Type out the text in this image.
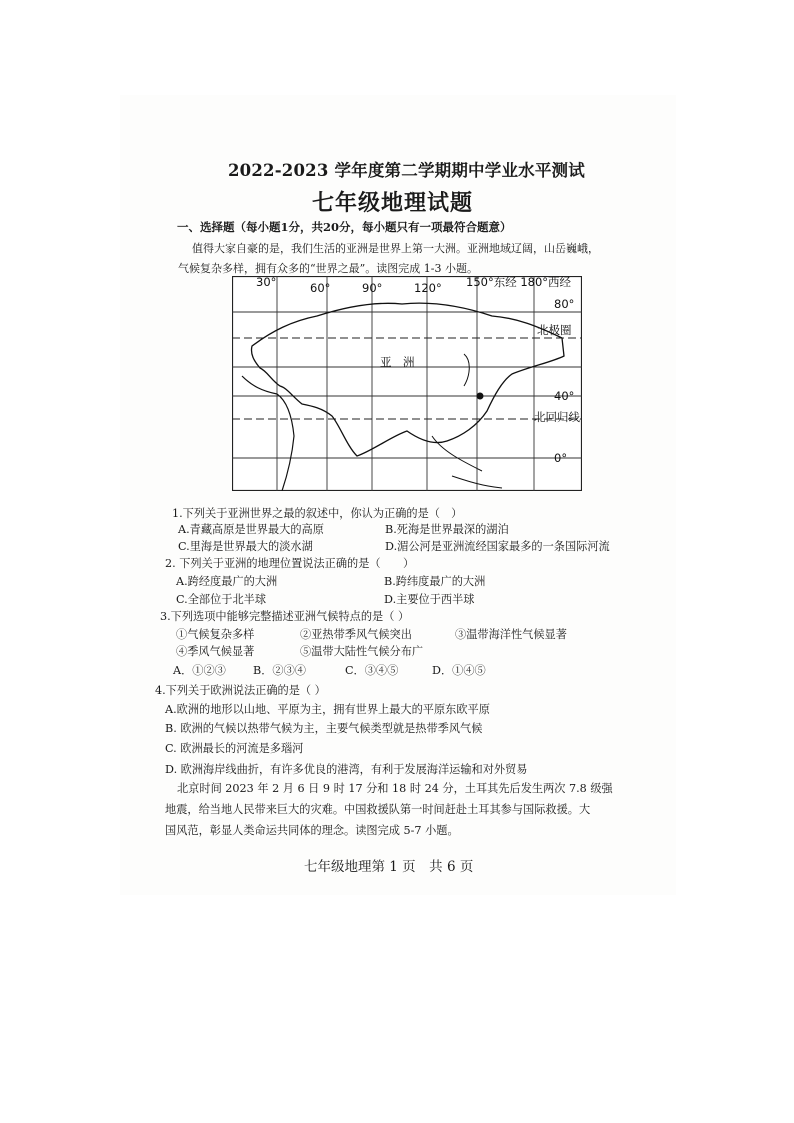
2022-2023 学年度第二学期期中学业水平测试
七年级地理试题
一、选择题（每小题1分，共20分，每小题只有一项最符合题意）
值得大家自豪的是，我们生活的亚洲是世界上第一大洲。亚洲地域辽阔，山岳巍峨，
气候复杂多样，拥有众多的“世界之最”。读图完成 1-3 小题。
30°	60°	90°	120° 150°东经 180°西经
80°
北极圈
40°
北回归线
0°
亚　洲
1.下列关于亚洲世界之最的叙述中，你认为正确的是（　）
A.青藏高原是世界最大的高原	B.死海是世界最深的湖泊
C.里海是世界最大的淡水湖	D.湄公河是亚洲流经国家最多的一条国际河流
2. 下列关于亚洲的地理位置说法正确的是（　　）
A.跨经度最广的大洲	B.跨纬度最广的大洲
C.全部位于北半球	D.主要位于西半球
3.下列选项中能够完整描述亚洲气候特点的是（ ）
①气候复杂多样	②亚热带季风气候突出	③温带海洋性气候显著
④季风气候显著	⑤温带大陆性气候分布广
A．①②③ B．②③④	C．③④⑤	D．①④⑤
4.下列关于欧洲说法正确的是（ ）
A.欧洲的地形以山地、平原为主，拥有世界上最大的平原东欧平原
B. 欧洲的气候以热带气候为主，主要气候类型就是热带季风气候
C. 欧洲最长的河流是多瑙河
D. 欧洲海岸线曲折，有许多优良的港湾，有利于发展海洋运输和对外贸易
北京时间 2023 年 2 月 6 日 9 时 17 分和 18 时 24 分，土耳其先后发生两次 7.8 级强
地震，给当地人民带来巨大的灾难。中国救援队第一时间赶赴土耳其参与国际救援。大
国风范，彰显人类命运共同体的理念。读图完成 5-7 小题。
七年级地理第 1 页　共 6 页
